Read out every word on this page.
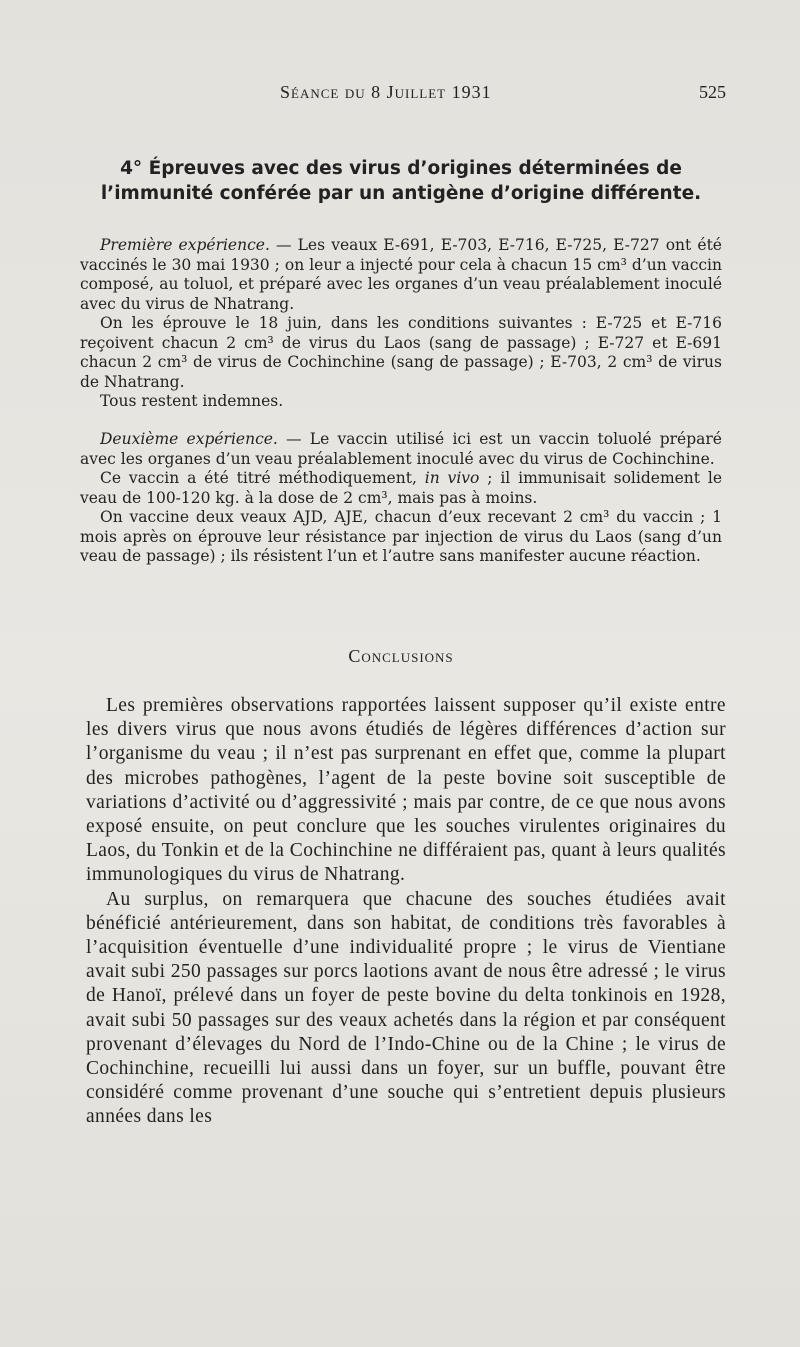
Séance du 8 Juillet 1931	525
4° Épreuves avec des virus d’origines déterminées de l’immunité conférée par un antigène d’origine différente.

Première expérience. — Les veaux E-691, E-703, E-716, E-725, E-727 ont été vaccinés le 30 mai 1930 ; on leur a injecté pour cela à chacun 15 cm³ d’un vaccin composé, au toluol, et préparé avec les organes d’un veau préalablement inoculé avec du virus de Nhatrang.

On les éprouve le 18 juin, dans les conditions suivantes : E-725 et E-716 reçoivent chacun 2 cm³ de virus du Laos (sang de passage) ; E-727 et E-691 chacun 2 cm³ de virus de Cochinchine (sang de passage) ; E-703, 2 cm³ de virus de Nhatrang.

Tous restent indemnes.

Deuxième expérience. — Le vaccin utilisé ici est un vaccin toluolé préparé avec les organes d’un veau préalablement inoculé avec du virus de Cochinchine.

Ce vaccin a été titré méthodiquement, in vivo ; il immunisait solidement le veau de 100-120 kg. à la dose de 2 cm³, mais pas à moins.

On vaccine deux veaux AJD, AJE, chacun d’eux recevant 2 cm³ du vaccin ; 1 mois après on éprouve leur résistance par injection de virus du Laos (sang d’un veau de passage) ; ils résistent l’un et l’autre sans manifester aucune réaction.

Conclusions

Les premières observations rapportées laissent supposer qu’il existe entre les divers virus que nous avons étudiés de légères différences d’action sur l’organisme du veau ; il n’est pas surprenant en effet que, comme la plupart des microbes pathogènes, l’agent de la peste bovine soit susceptible de variations d’activité ou d’aggressivité ; mais par contre, de ce que nous avons exposé ensuite, on peut conclure que les souches virulentes originaires du Laos, du Tonkin et de la Cochinchine ne différaient pas, quant à leurs qualités immunologiques du virus de Nhatrang.

Au surplus, on remarquera que chacune des souches étudiées avait bénéficié antérieurement, dans son habitat, de conditions très favorables à l’acquisition éventuelle d’une individualité propre ; le virus de Vientiane avait subi 250 passages sur porcs laotions avant de nous être adressé ; le virus de Hanoï, prélevé dans un foyer de peste bovine du delta tonkinois en 1928, avait subi 50 passages sur des veaux achetés dans la région et par conséquent provenant d’élevages du Nord de l’Indo-Chine ou de la Chine ; le virus de Cochinchine, recueilli lui aussi dans un foyer, sur un buffle, pouvant être considéré comme provenant d’une souche qui s’entretient depuis plusieurs années dans les
